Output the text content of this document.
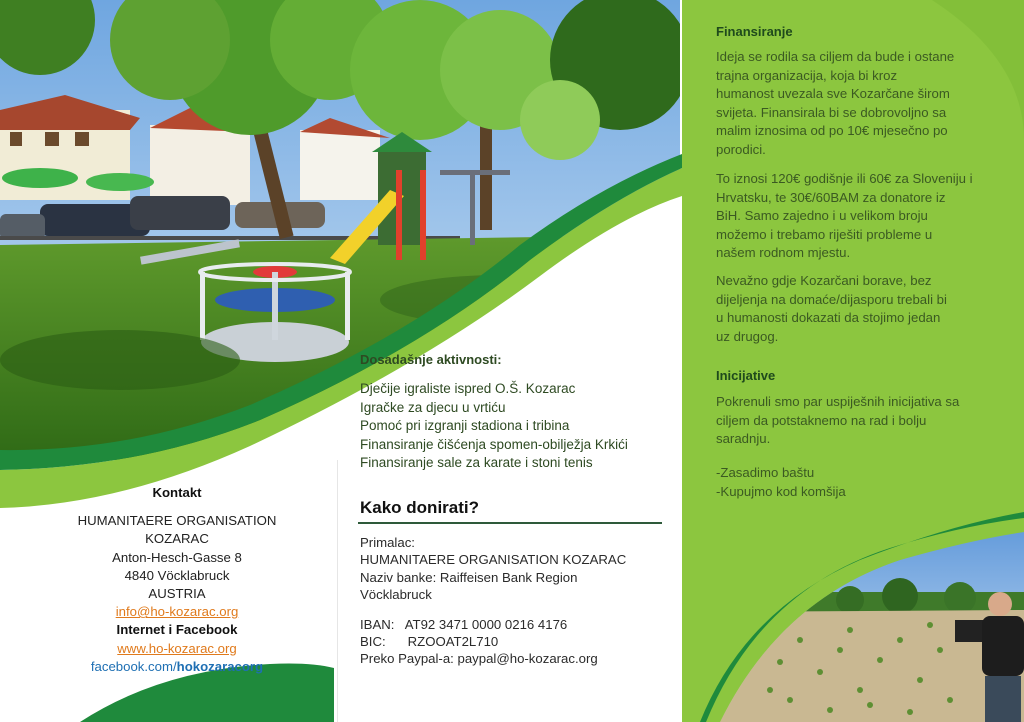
Finansiranje
Ideja se rodila sa ciljem da bude i ostane
trajna organizacija, koja bi kroz
humanost uvezala sve Kozarčane širom
svijeta. Finansirala bi se dobrovoljno sa
malim iznosima od po 10€ mjesečno po
porodici.
To iznosi 120€ godišnje ili 60€ za Sloveniju i
Hrvatsku, te 30€/60BAM za donatore iz
BiH. Samo zajedno i u velikom broju
možemo i trebamo riješiti probleme u
našem rodnom mjestu.
Nevažno gdje Kozarčani borave, bez
dijeljenja na domaće/dijasporu trebali bi
u humanosti dokazati da stojimo jedan
uz drugog.
Inicijative
Pokrenuli smo par uspiješnih inicijativa sa
ciljem da potstaknemo na rad i bolju
saradnju.
-Zasadimo baštu
-Kupujmo kod komšija
Dosadašnje aktivnosti:
Dječije igraliste ispred O.Š. Kozarac
Igračke za djecu u vrtiću
Pomoć pri izgranji stadiona i tribina
Finansiranje čišćenja spomen-obilježja Krkići
Finansiranje sale za karate i stoni tenis
Kako donirati?
Primalac:
HUMANITAERE ORGANISATION KOZARAC
Naziv banke: Raiffeisen Bank Region
Vöcklabruck
IBAN:   AT92 3471 0000 0216 4176
BIC:      RZOOAT2L710
Preko Paypal-a: paypal@ho-kozarac.org
Kontakt
HUMANITAERE ORGANISATION
KOZARAC
Anton-Hesch-Gasse 8
4840 Vöcklabruck
AUSTRIA
info@ho-kozarac.org
Internet i Facebook
www.ho-kozarac.org
facebook.com/hokozaracorg
